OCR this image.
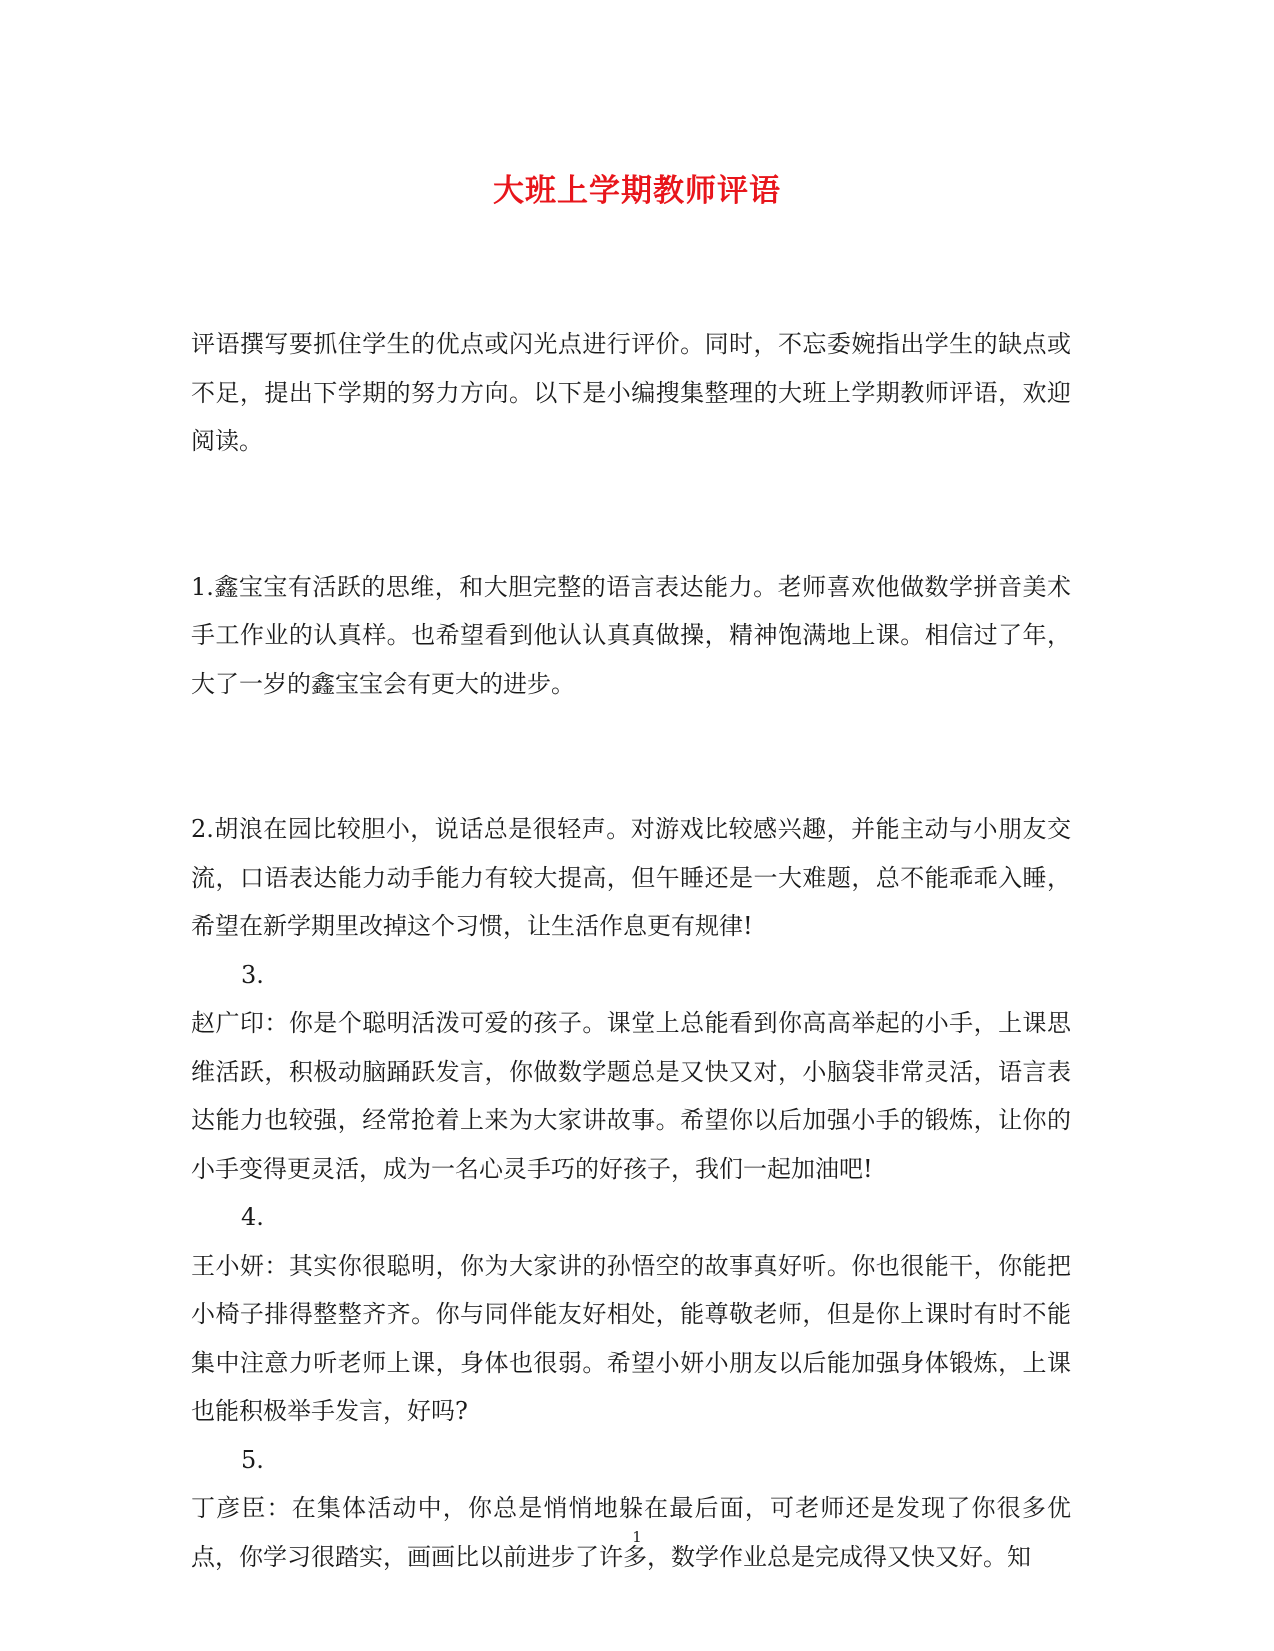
大班上学期教师评语

评语撰写要抓住学生的优点或闪光点进行评价。同时，不忘委婉指出学生的缺点或不足，提出下学期的努力方向。以下是小编搜集整理的大班上学期教师评语，欢迎阅读。

1.鑫宝宝有活跃的思维，和大胆完整的语言表达能力。老师喜欢他做数学拼音美术手工作业的认真样。也希望看到他认认真真做操，精神饱满地上课。相信过了年，大了一岁的鑫宝宝会有更大的进步。

2.胡浪在园比较胆小，说话总是很轻声。对游戏比较感兴趣，并能主动与小朋友交流，口语表达能力动手能力有较大提高，但午睡还是一大难题，总不能乖乖入睡，希望在新学期里改掉这个习惯，让生活作息更有规律!

3.

赵广印：你是个聪明活泼可爱的孩子。课堂上总能看到你高高举起的小手，上课思维活跃，积极动脑踊跃发言，你做数学题总是又快又对，小脑袋非常灵活，语言表达能力也较强，经常抢着上来为大家讲故事。希望你以后加强小手的锻炼，让你的小手变得更灵活，成为一名心灵手巧的好孩子，我们一起加油吧!

4.

王小妍：其实你很聪明，你为大家讲的孙悟空的故事真好听。你也很能干，你能把小椅子排得整整齐齐。你与同伴能友好相处，能尊敬老师，但是你上课时有时不能集中注意力听老师上课，身体也很弱。希望小妍小朋友以后能加强身体锻炼，上课也能积极举手发言，好吗?

5.

丁彦臣：在集体活动中，你总是悄悄地躲在最后面，可老师还是发现了你很多优点，你学习很踏实，画画比以前进步了许多，数学作业总是完成得又快又好。知

1
